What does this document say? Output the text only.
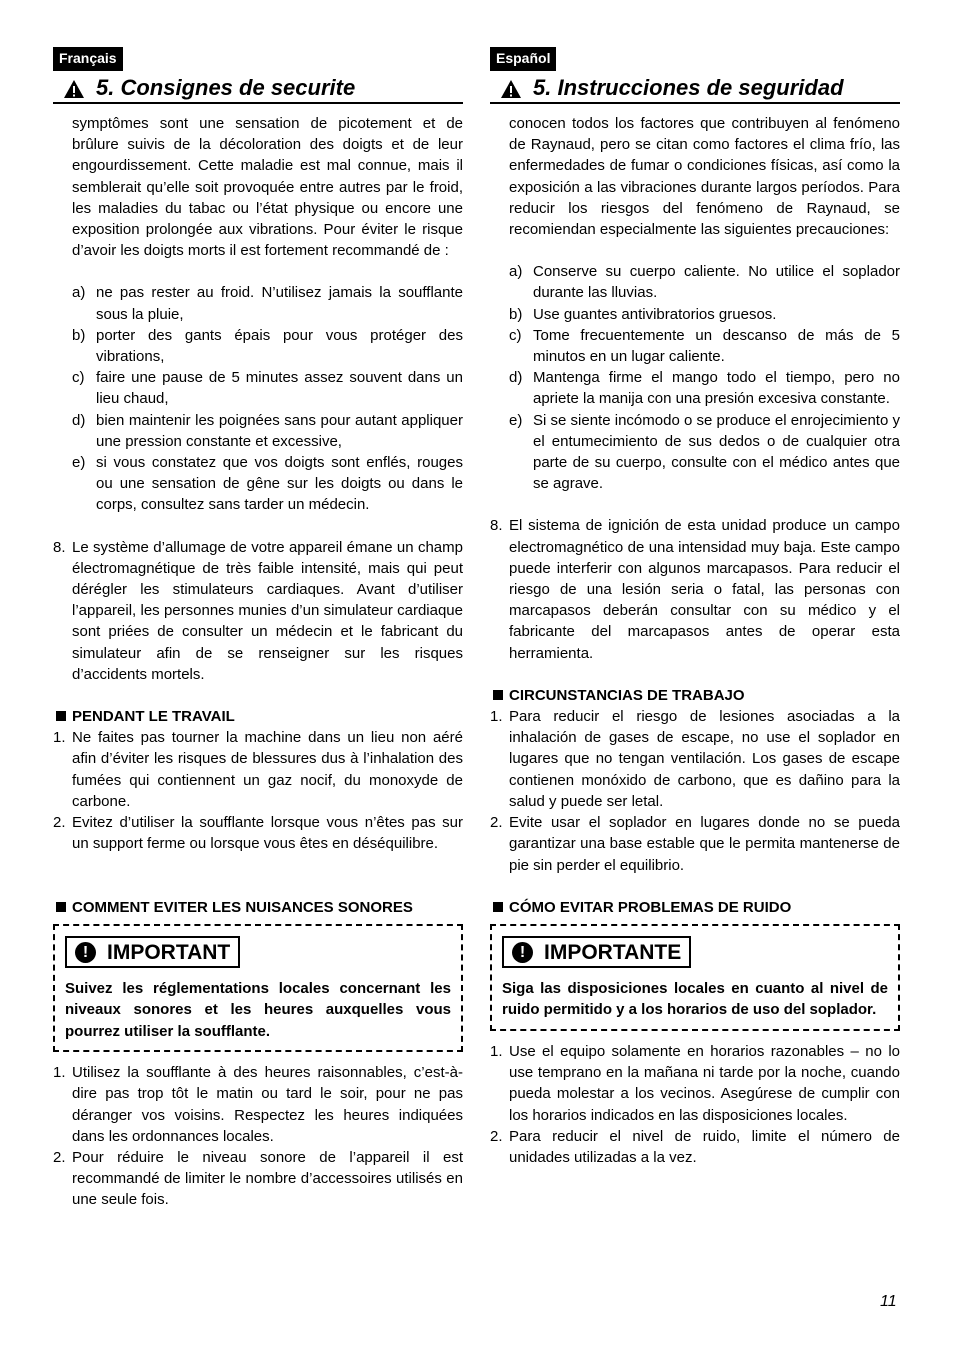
Français
5. Consignes de securite

symptômes sont une sensation de picotement et de brûlure suivis de la décoloration des doigts et de leur engourdissement. Cette maladie est mal connue, mais il semblerait qu’elle soit provoquée entre autres par le froid, les maladies du tabac ou l’état physique ou encore une exposition prolongée aux vibrations. Pour éviter le risque d’avoir les doigts morts il est fortement recommandé de :

a) ne pas rester au froid. N’utilisez jamais la soufflante sous la pluie,
b) porter des gants épais pour vous protéger des vibrations,
c) faire une pause de 5 minutes assez souvent dans un lieu chaud,
d) bien maintenir les poignées sans pour autant appliquer une pression constante et excessive,
e) si vous constatez que vos doigts sont enflés, rouges ou une sensation de gêne sur les doigts ou dans le corps, consultez sans tarder un médecin.
8. Le système d’allumage de votre appareil émane un champ électromagnétique de très faible intensité, mais qui peut dérégler les stimulateurs cardiaques. Avant d’utiliser l’appareil, les personnes munies d’un simulateur cardiaque sont priées de consulter un médecin et le fabricant du simulateur afin de se renseigner sur les risques d’accidents mortels.
PENDANT LE TRAVAIL
1. Ne faites pas tourner la machine dans un lieu non aéré afin d’éviter les risques de blessures dus à l’inhalation des fumées qui contiennent un gaz nocif, du monoxyde de carbone.
2. Evitez d’utiliser la soufflante lorsque vous n’êtes pas sur un support ferme ou lorsque vous êtes en déséquilibre.
COMMENT EVITER LES NUISANCES SONORES
! IMPORTANT
Suivez les réglementations locales concernant les niveaux sonores et les heures auxquelles vous pourrez utiliser la soufflante.
1. Utilisez la soufflante à des heures raisonnables, c’est-à-dire pas trop tôt le matin ou tard le soir, pour ne pas déranger vos voisins. Respectez les heures indiquées dans les ordonnances locales.
2. Pour réduire le niveau sonore de l’appareil il est recommandé de limiter le nombre d’accessoires utilisés en une seule fois.
Español
5. Instrucciones de seguridad

conocen todos los factores que contribuyen al fenómeno de Raynaud, pero se citan como factores el clima frío, las enfermedades de fumar o condiciones físicas, así como la exposición a las vibraciones durante largos períodos. Para reducir los riesgos del fenómeno de Raynaud, se recomiendan especialmente las siguientes precauciones:

a) Conserve su cuerpo caliente. No utilice el soplador durante las lluvias.
b) Use guantes antivibratorios gruesos.
c) Tome frecuentemente un descanso de más de 5 minutos en un lugar caliente.
d) Mantenga firme el mango todo el tiempo, pero no apriete la manija con una presión excesiva constante.
e) Si se siente incómodo o se produce el enrojecimiento y el entumecimiento de sus dedos o de cualquier otra parte de su cuerpo, consulte con el médico antes que se agrave.
8. El sistema de ignición de esta unidad produce un campo electromagnético de una intensidad muy baja. Este campo puede interferir con algunos marcapasos. Para reducir el riesgo de una lesión seria o fatal, las personas con marcapasos deberán consultar con su médico y el fabricante del marcapasos antes de operar esta herramienta.
CIRCUNSTANCIAS DE TRABAJO
1. Para reducir el riesgo de lesiones asociadas a la inhalación de gases de escape, no use el soplador en lugares que no tengan ventilación. Los gases de escape contienen monóxido de carbono, que es dañino para la salud y puede ser letal.
2. Evite usar el soplador en lugares donde no se pueda garantizar una base estable que le permita mantenerse de pie sin perder el equilibrio.
CÓMO EVITAR PROBLEMAS DE RUIDO
! IMPORTANTE
Siga las disposiciones locales en cuanto al nivel de ruido permitido y a los horarios de uso del soplador.
1. Use el equipo solamente en horarios razonables – no lo use temprano en la mañana ni tarde por la noche, cuando pueda molestar a los vecinos. Asegúrese de cumplir con los horarios indicados en las disposiciones locales.
2. Para reducir el nivel de ruido, limite el número de unidades utilizadas a la vez.
11
